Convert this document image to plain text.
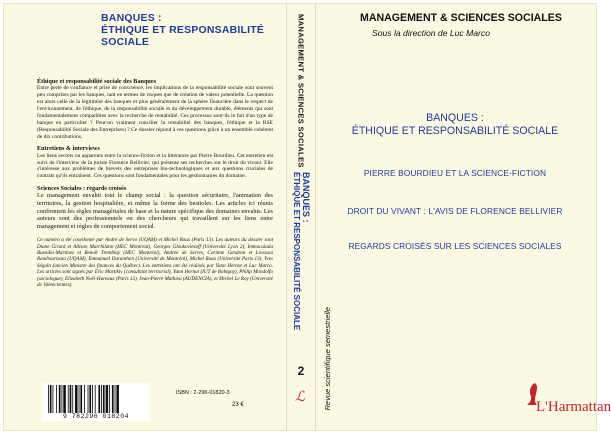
BANQUES :
ÉTHIQUE ET RESPONSABILITÉ SOCIALE
Éthique et responsabilité sociale des Banques

Entre perte de confiance et prise de conscience, les implications de la responsabilité sociale sont souvent peu comprises par les banques, tant en termes de risques que de création de valeur potentielle. La question est alors celle de la légitimité des banques et plus généralement de la sphère financière dans le respect de l'environnement, de l'éthique, de la responsabilité sociale et du développement durable, éléments qui sont fondamentalement compatibles avec la recherche de rentabilité. Ces processus sont-ils le fait d'un type de banque en particulier ? Peut-on vraiment concilier la rentabilité des banques, l'éthique et la RSE (Responsabilité Sociale des Entreprises) ? Ce dossier répond à ces questions grâce à un ensemble cohérent de dix contributions.

Entretiens & interviews

Les liens secrets ou apparents entre la science-fiction et la littérature par Pierre Bourdieu. Cet entretien est suivi de l'interview de la juriste Florence Bellivier, qui présente ses recherches sur le droit du vivant. Elle s'intéresse aux problèmes de brevets des entreprises bio-technologiques et aux questions cruciales de contrats qu'ils entraînent. Ces questions sont fondamentales pour les gestionnaires du domaine.

Sciences Sociales : regards croisés

Le management envahit tout le champ social : la question sécuritaire, l'animation des territoires, la gestion hospitalière, et même la forme des bestioles. Les articles ici réunis confrontent les règles managériales de base et la nature spécifique des domaines envahis. Les auteurs sont des professionnels ou des chercheurs qui travaillent sur les liens entre management et règles de comportement social.

Ce numéro a été coordonné par André de Servo (UQAM) et Michel Roux (Paris 13). Les auteurs du dossier sont Diane Girard et Allison Marchildon (HEC Montréal), Georges Gloukoviezoff (Université Lyon 2), Immaculada Buendía-Martínez et Benoît Tremblay (HEC Montréal), Andrée de Serres, Corinne Gendron et Lovasoa Ramboarisata (UQAM), Emmanuel Duranthon (Université de Montréal), Michel Roux (Université Paris 13), Yves Séguin (ancien Ministre des finances du Québec). Les entretiens ont été réalisés par Yann Hernot et Luc Marco. Les articles sont signés par Eric Martikiv (consultant territorial), Yann Hernot (IUT de Bobigny), Philip Mondolfo (sociologue), Elizabeth Noël-Hureaux (Paris 13), Jean-Pierre Mathieu (AUDENCIA), et Michel Le Roy (Université de Valenciennes).

9 782296 018204
ISBN : 2-296-01820-3
23 €
MANAGEMENT & SCIENCES SOCIALES
BANQUES :
ÉTHIQUE ET RESPONSABILITÉ SOCIALE
2
ℒ
MANAGEMENT & SCIENCES SOCIALES
Sous la direction de Luc Marco
BANQUES :
ÉTHIQUE ET RESPONSABILITÉ SOCIALE
PIERRE BOURDIEU ET LA SCIENCE-FICTION
DROIT DU VIVANT : L'AVIS DE FLORENCE BELLIVIER
REGARDS CROISÉS SUR LES SCIENCES SOCIALES
Revue scientifique semestrielle	L'Harmattan
